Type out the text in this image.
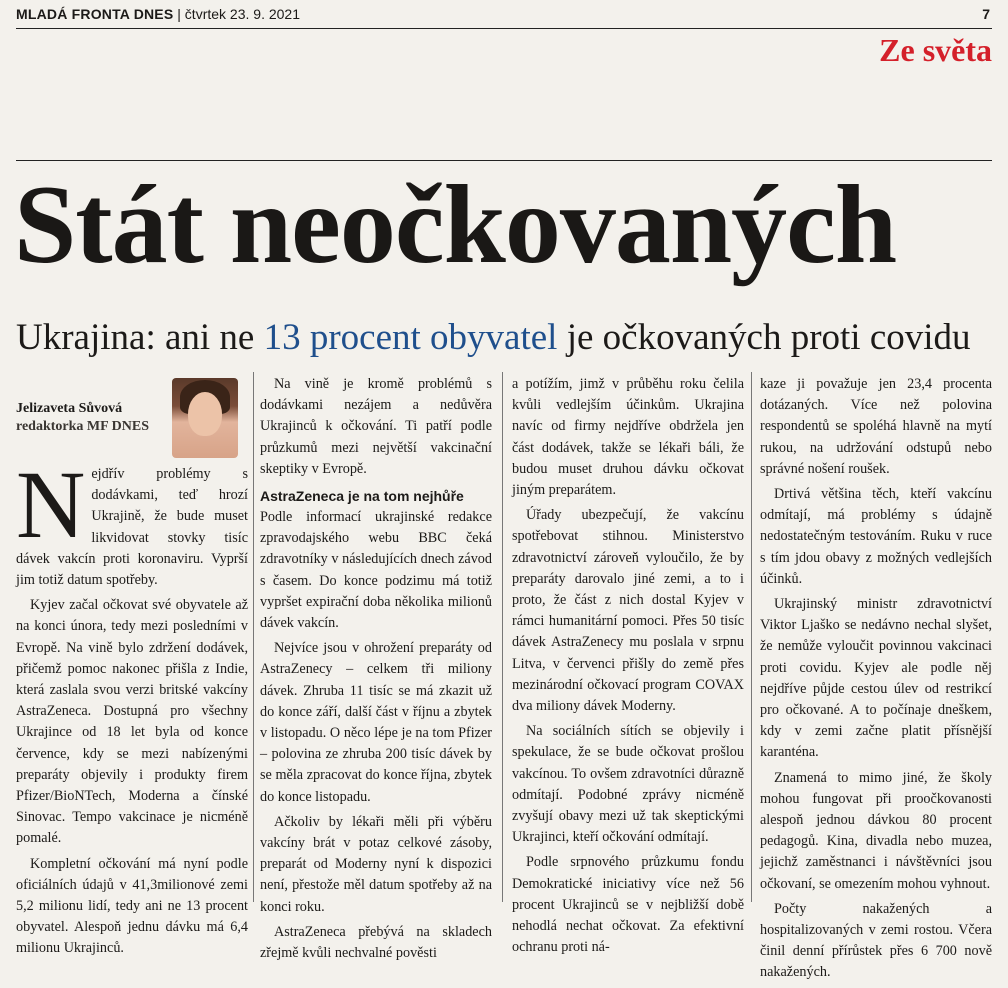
MLADÁ FRONTA DNES | čtvrtek 23. 9. 2021	7
Ze světa
Stát neočkovaných
Ukrajina: ani ne 13 procent obyvatel je očkovaných proti covidu
Jelizaveta Sůvová
redaktorka MF DNES

Nejdřív problémy s dodávkami, teď hrozí Ukrajině, že bude muset likvidovat stovky tisíc dávek vakcín proti koronaviru. Vyprší jim totiž datum spotřeby.

Kyjev začal očkovat své obyvatele až na konci února, tedy mezi posledními v Evropě. Na vině bylo zdržení dodávek, přičemž pomoc nakonec přišla z Indie, která zaslala svou verzi britské vakcíny AstraZeneca. Dostupná pro všechny Ukrajince od 18 let byla od konce července, kdy se mezi nabízenými preparáty objevily i produkty firem Pfizer/BioNTech, Moderna a čínské Sinovac. Tempo vakcinace je nicméně pomalé.

Kompletní očkování má nyní podle oficiálních údajů v 41,3milionové zemi 5,2 milionu lidí, tedy ani ne 13 procent obyvatel. Alespoň jednu dávku má 6,4 milionu Ukrajinců.

Na vině je kromě problémů s dodávkami nezájem a nedůvěra Ukrajinců k očkování. Ti patří podle průzkumů mezi největší vakcinační skeptiky v Evropě.

AstraZeneca je na tom nejhůře

Podle informací ukrajinské redakce zpravodajského webu BBC čeká zdravotníky v následujících dnech závod s časem. Do konce podzimu má totiž vypršet expirační doba několika milionů dávek vakcín.

Nejvíce jsou v ohrožení preparáty od AstraZenecy – celkem tři miliony dávek. Zhruba 11 tisíc se má zkazit už do konce září, další část v říjnu a zbytek v listopadu. O něco lépe je na tom Pfizer – polovina ze zhruba 200 tisíc dávek by se měla zpracovat do konce října, zbytek do konce listopadu.

Ačkoliv by lékaři měli při výběru vakcíny brát v potaz celkové zásoby, preparát od Moderny nyní k dispozici není, přestože měl datum spotřeby až na konci roku.

AstraZeneca přebývá na skladech zřejmě kvůli nechvalné pověsti

a potížím, jimž v průběhu roku čelila kvůli vedlejším účinkům. Ukrajina navíc od firmy nejdříve obdržela jen část dodávek, takže se lékaři báli, že budou muset druhou dávku očkovat jiným preparátem.

Úřady ubezpečují, že vakcínu spotřebovat stihnou. Ministerstvo zdravotnictví zároveň vyloučilo, že by preparáty darovalo jiné zemi, a to i proto, že část z nich dostal Kyjev v rámci humanitární pomoci. Přes 50 tisíc dávek AstraZenecy mu poslala v srpnu Litva, v červenci přišly do země přes mezinárodní očkovací program COVAX dva miliony dávek Moderny.

Na sociálních sítích se objevily i spekulace, že se bude očkovat prošlou vakcínou. To ovšem zdravotníci důrazně odmítají. Podobné zprávy nicméně zvyšují obavy mezi už tak skeptickými Ukrajinci, kteří očkování odmítají.

Podle srpnového průzkumu fondu Demokratické iniciativy více než 56 procent Ukrajinců se v nejbližší době nehodlá nechat očkovat. Za efektivní ochranu proti ná-

kaze ji považuje jen 23,4 procenta dotázaných. Více než polovina respondentů se spoléhá hlavně na mytí rukou, na udržování odstupů nebo správné nošení roušek.

Drtivá většina těch, kteří vakcínu odmítají, má problémy s údajně nedostatečným testováním. Ruku v ruce s tím jdou obavy z možných vedlejších účinků.

Ukrajinský ministr zdravotnictví Viktor Ljaško se nedávno nechal slyšet, že nemůže vyloučit povinnou vakcinaci proti covidu. Kyjev ale podle něj nejdříve půjde cestou úlev od restrikcí pro očkované. A to počínaje dneškem, kdy v zemi začne platit přísnější karanténa.

Znamená to mimo jiné, že školy mohou fungovat při proočkovanosti alespoň jednou dávkou 80 procent pedagogů. Kina, divadla nebo muzea, jejichž zaměstnanci i návštěvníci jsou očkovaní, se omezením mohou vyhnout.

Počty nakažených a hospitalizovaných v zemi rostou. Včera činil denní přírůstek přes 6 700 nově nakažených.
